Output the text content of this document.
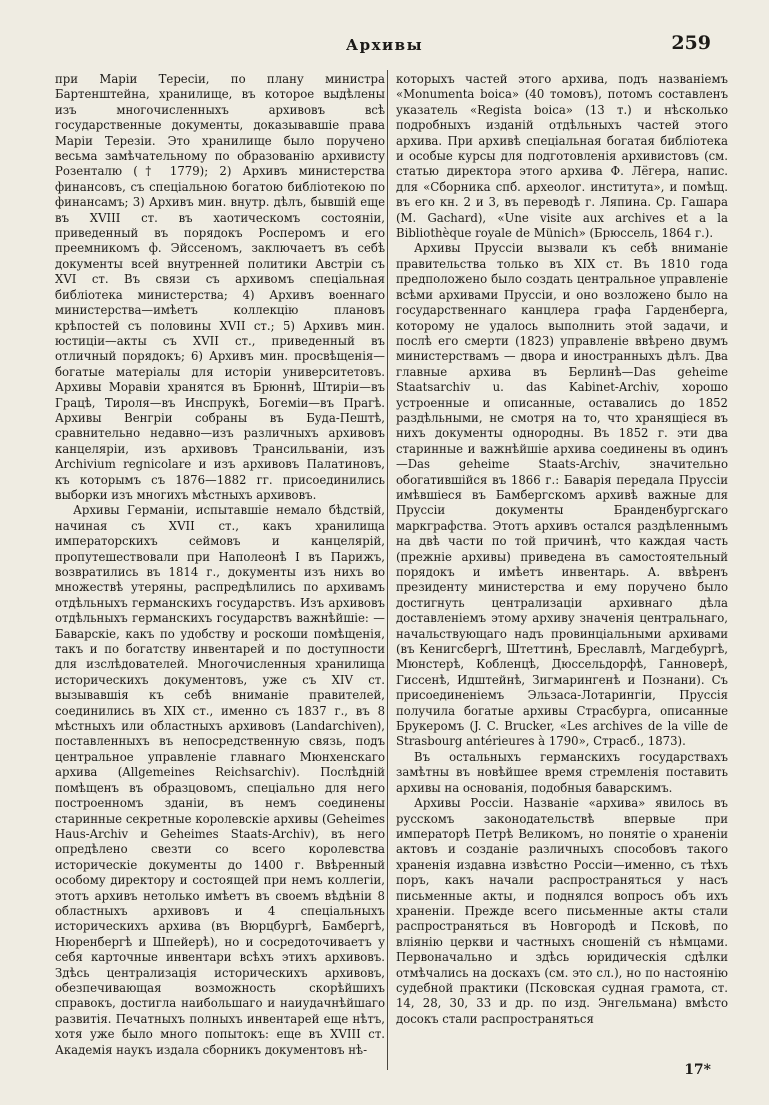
Архивы	259

при Маріи Тересіи, по плану министра Бартенштейна, хранилище, въ которое выдѣлены изъ многочисленныхъ архивовъ всѣ государственные документы, доказывавшіе права Маріи Терезіи. Это хранилище было поручено весьма замѣчательному по образованію архивисту Розенталю († 1779); 2) Архивъ министерства финансовъ, съ спеціальною богатою библіотекою по финансамъ; 3) Архивъ мин. внутр. дѣлъ, бывшій еще въ XVIII ст. въ хаотическомъ состояніи, приведенный въ порядокъ Росперомъ и его преемникомъ ф. Эйссеномъ, заключаетъ въ себѣ документы всей внутренней политики Австріи съ XVI ст. Въ связи съ архивомъ спеціальная библіотека министерства; 4) Архивъ военнаго министерства—имѣетъ коллекцію плановъ крѣпостей съ половины XVII ст.; 5) Архивъ мин. юстиціи—акты съ XVII ст., приведенный въ отличный порядокъ; 6) Архивъ мин. просвѣщенія—богатые матеріалы для исторіи университетовъ. Архивы Моравіи хранятся въ Брюннѣ, Штиріи—въ Грацѣ, Тироля—въ Инспрукѣ, Богеміи—въ Прагѣ. Архивы Венгріи собраны въ Буда-Пештѣ, сравнительно недавно—изъ различныхъ архивовъ канцеляріи, изъ архивовъ Трансильваніи, изъ Archivium regnicolare и изъ архивовъ Палатиновъ, къ которымъ съ 1876—1882 гг. присоединились выборки изъ многихъ мѣстныхъ архивовъ.

Архивы Германіи, испытавшіе немало бѣдствій, начиная съ XVII ст., какъ хранилища императорскихъ сеймовъ и канцелярій, пропутешествовали при Наполеонѣ I въ Парижъ, возвратились въ 1814 г., документы изъ нихъ во множествѣ утеряны, распредѣлились по архивамъ отдѣльныхъ германскихъ государствъ. Изъ архивовъ отдѣльныхъ германскихъ государствъ важнѣйшіе: — Баварскіе, какъ по удобству и роскоши помѣщенія, такъ и по богатству инвентарей и по доступности для изслѣдователей. Многочисленныя хранилища историческихъ документовъ, уже съ XIV ст. вызывавшія къ себѣ вниманіе правителей, соединились въ XIX ст., именно съ 1837 г., въ 8 мѣстныхъ или областныхъ архивовъ (Landarchiven), поставленныхъ въ непосредственную связь, подъ центральное управленіе главнаго Мюнхенскаго архива (Allgemeines Reichsarchiv). Послѣдній помѣщенъ въ образцовомъ, спеціально для него построенномъ зданіи, въ немъ соединены старинные секретные королевскіе архивы (Geheimes Haus-Archiv и Geheimes Staats-Archiv), въ него опредѣлено свезти со всего королевства историческіе документы до 1400 г. Ввѣренный особому директору и состоящей при немъ коллегіи, этотъ архивъ нетолько имѣетъ въ своемъ вѣдѣніи 8 областныхъ архивовъ и 4 спеціальныхъ историческихъ архива (въ Вюрцбургѣ, Бамбергѣ, Нюренбергѣ и Шпейерѣ), но и сосредоточиваетъ у себя карточные инвентари всѣхъ этихъ архивовъ. Здѣсь централизація историческихъ архивовъ, обезпечивающая возможность скорѣйшихъ справокъ, достигла наибольшаго и наиудачнѣйшаго развитія. Печатныхъ полныхъ инвентарей еще нѣтъ, хотя уже было много попытокъ: еще въ XVIII ст. Академія наукъ издала сборникъ документовъ нѣ-

которыхъ частей этого архива, подъ названіемъ «Monumenta boica» (40 томовъ), потомъ составленъ указатель «Regista boica» (13 т.) и нѣсколько подробныхъ изданій отдѣльныхъ частей этого архива. При архивѣ спеціальная богатая библіотека и особые курсы для подготовленія архивистовъ (см. статью директора этого архива Ф. Лёгера, напис. для «Сборника спб. археолог. института», и помѣщ. въ его кн. 2 и 3, въ переводѣ г. Ляпина. Ср. Гашара (M. Gachard), «Une visite aux archives et a la Bibliothèque royale de Münich» (Брюссель, 1864 г.).

Архивы Пруссіи вызвали къ себѣ вниманіе правительства только въ XIX ст. Въ 1810 года предположено было создать центральное управленіе всѣми архивами Пруссіи, и оно возложено было на государственнаго канцлера графа Гарденберга, которому не удалось выполнить этой задачи, и послѣ его смерти (1823) управленіе ввѣрено двумъ министерствамъ — двора и иностранныхъ дѣлъ. Два главные архива въ Берлинѣ—Das geheime Staatsarchiv u. das Kabinet-Archiv, хорошо устроенные и описанные, оставались до 1852 раздѣльными, не смотря на то, что хранящіеся въ нихъ документы однородны. Въ 1852 г. эти два старинные и важнѣйшіе архива соединены въ одинъ—Das geheime Staats-Archiv, значительно обогатившійся въ 1866 г.: Баварія передала Пруссіи имѣвшіеся въ Бамбергскомъ архивѣ важные для Пруссіи документы Бранденбургскаго маркграфства. Этотъ архивъ остался раздѣленнымъ на двѣ части по той причинѣ, что каждая часть (прежніе архивы) приведена въ самостоятельный порядокъ и имѣетъ инвентарь. А. ввѣренъ президенту министерства и ему поручено было достигнуть централизаціи архивнаго дѣла доставленіемъ этому архиву значенія центральнаго, начальствующаго надъ провинціальными архивами (въ Кенигсбергѣ, Штеттинѣ, Бреславлѣ, Магдебургѣ, Мюнстерѣ, Кобленцѣ, Дюссельдорфѣ, Ганноверѣ, Гиссенѣ, Идштейнѣ, Зигмарингенѣ и Познани). Съ присоединеніемъ Эльзаса-Лотарингіи, Пруссія получила богатые архивы Страсбурга, описанные Брукеромъ (J. C. Brucker, «Les archives de la ville de Strasbourg antérieures à 1790», Страсб., 1873).

Въ остальныхъ германскихъ государствахъ замѣтны въ новѣйшее время стремленія поставить архивы на основанія, подобныя баварскимъ.

Архивы Россіи. Названіе «архива» явилось въ русскомъ законодательствѣ впервые при императорѣ Петрѣ Великомъ, но понятіе о храненіи актовъ и созданіе различныхъ способовъ такого храненія издавна извѣстно Россіи—именно, съ тѣхъ поръ, какъ начали распространяться у насъ письменные акты, и поднялся вопросъ объ ихъ храненіи. Прежде всего письменные акты стали распространяться въ Новгородѣ и Псковѣ, по вліянію церкви и частныхъ сношеній съ нѣмцами. Первоначально и здѣсь юридическія сдѣлки отмѣчались на доскахъ (см. это сл.), но по настоянію судебной практики (Псковская судная грамота, ст. 14, 28, 30, 33 и др. по изд. Энгельмана) вмѣсто досокъ стали распространяться

17*
